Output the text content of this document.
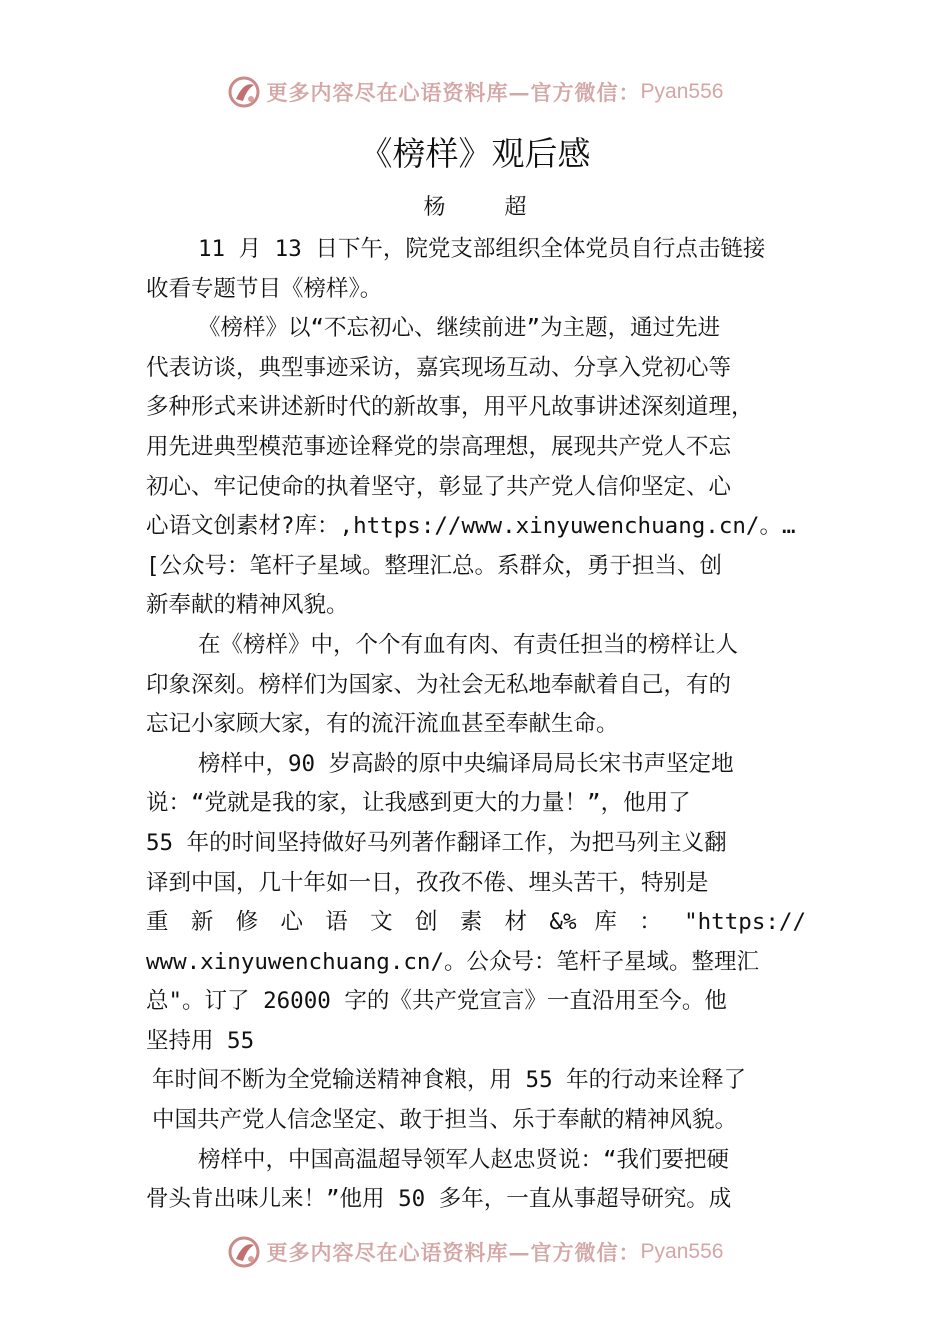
更多内容尽在心语资料库—官方微信： Pyan556
《榜样》观后感
杨 超
11 月 13 日下午，院党支部组织全体党员自行点击链接
收看专题节目《榜样》。
《榜样》以“不忘初心、继续前进”为主题，通过先进
代表访谈，典型事迹采访，嘉宾现场互动、分享入党初心等
多种形式来讲述新时代的新故事，用平凡故事讲述深刻道理，
用先进典型模范事迹诠释党的崇高理想，展现共产党人不忘
初心、牢记使命的执着坚守，彰显了共产党人信仰坚定、心
心语文创素材?库：,https://www.xinyuwenchuang.cn/。…
[公众号：笔杆子星域。整理汇总。系群众，勇于担当、创
新奉献的精神风貌。
在《榜样》中，个个有血有肉、有责任担当的榜样让人
印象深刻。榜样们为国家、为社会无私地奉献着自己，有的
忘记小家顾大家，有的流汗流血甚至奉献生命。
榜样中，90 岁高龄的原中央编译局局长宋书声坚定地
说：“党就是我的家，让我感到更大的力量！”，他用了
55 年的时间坚持做好马列著作翻译工作，为把马列主义翻
译到中国，几十年如一日，孜孜不倦、埋头苦干，特别是
重 新 修 心 语 文 创 素 材 &% 库 ： "https://
www.xinyuwenchuang.cn/。公众号：笔杆子星域。整理汇
总"。订了 26000 字的《共产党宣言》一直沿用至今。他
坚持用 55
年时间不断为全党输送精神食粮，用 55 年的行动来诠释了
中国共产党人信念坚定、敢于担当、乐于奉献的精神风貌。
榜样中，中国高温超导领军人赵忠贤说：“我们要把硬
骨头肯出味儿来！”他用 50 多年，一直从事超导研究。成
更多内容尽在心语资料库—官方微信： Pyan556
